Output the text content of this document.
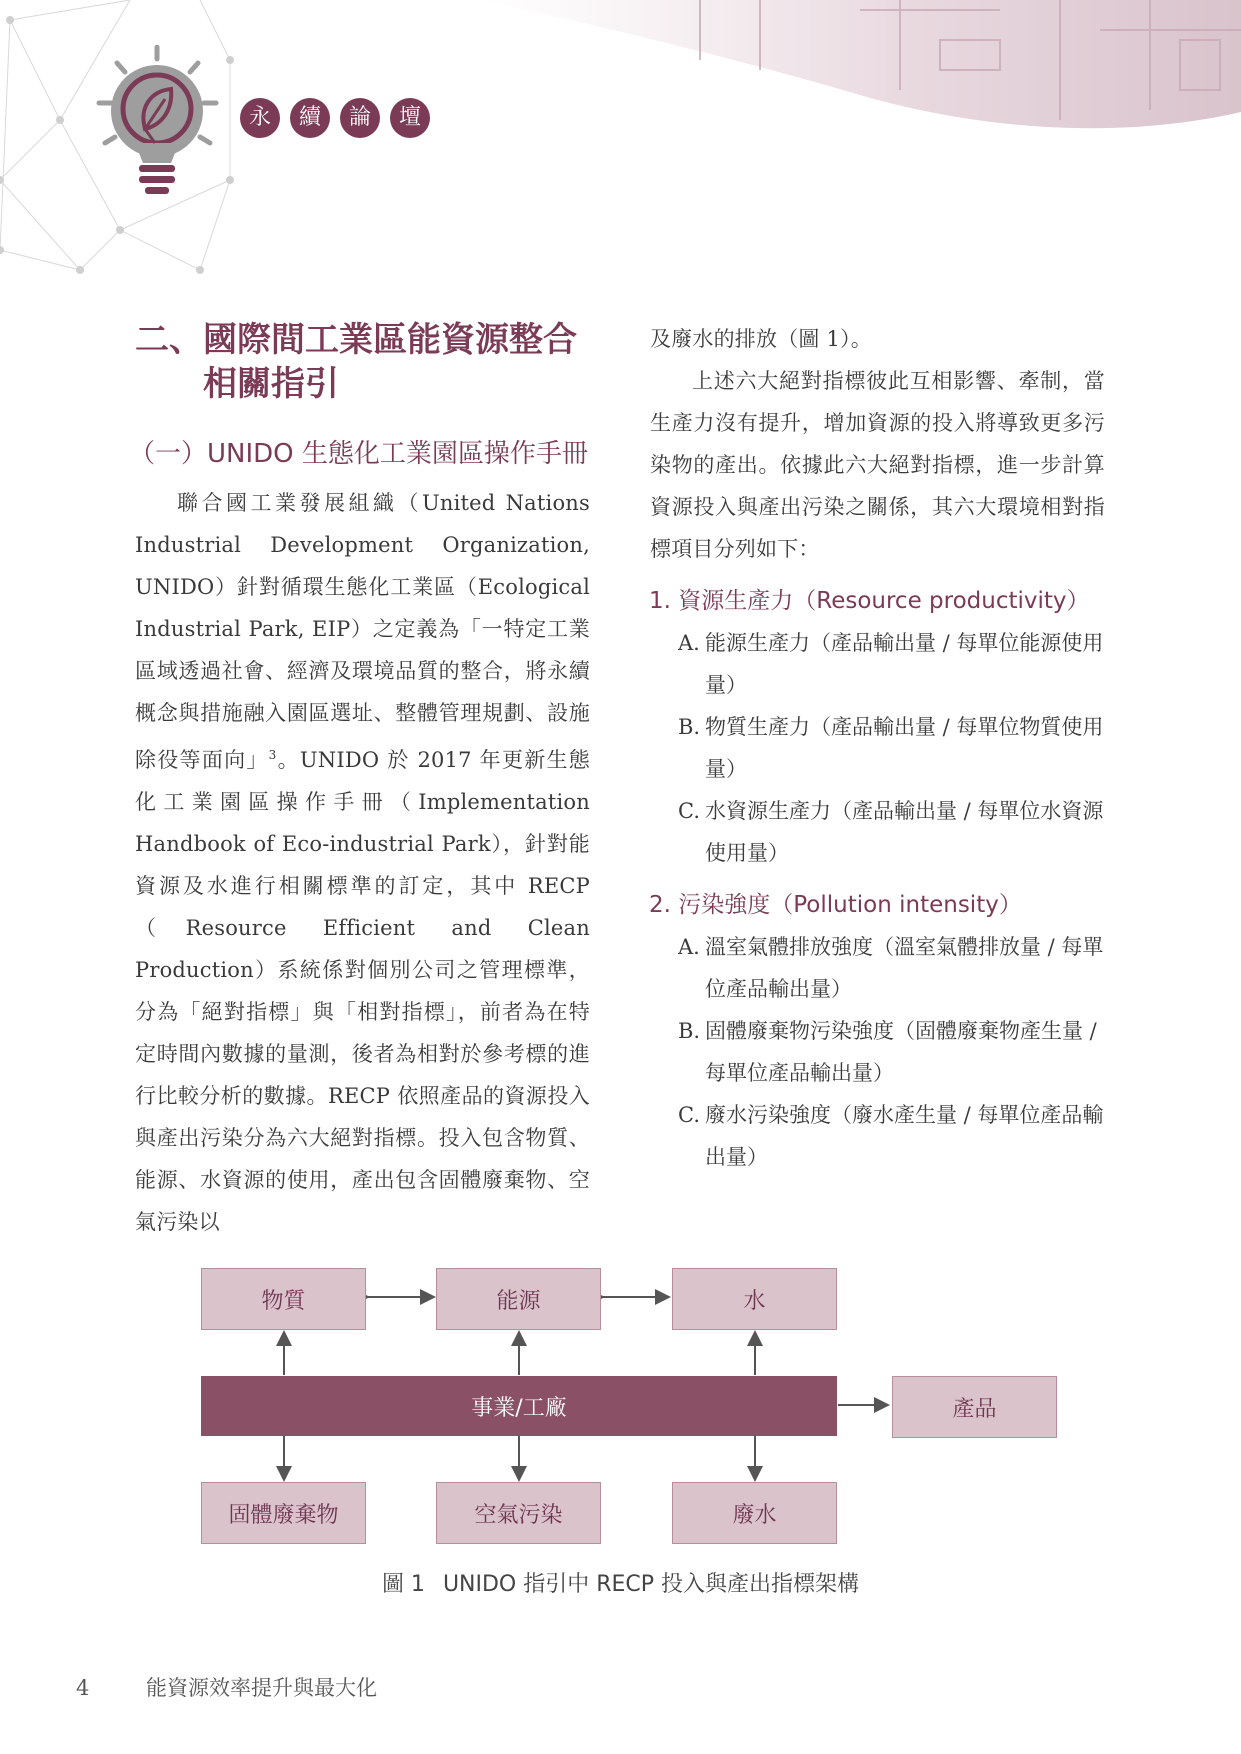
永	續	論	壇
二、國際間工業區能資源整合
相關指引
（一）UNIDO 生態化工業園區操作手冊

聯合國工業發展組織（United Nations Industrial Development Organization, UNIDO）針對循環生態化工業區（Ecological Industrial Park, EIP）之定義為「一特定工業區域透過社會、經濟及環境品質的整合，將永續概念與措施融入園區選址、整體管理規劃、設施除役等面向」$^3$。UNIDO 於 2017 年更新生態化工業園區操作手冊（Implementation Handbook of Eco-industrial Park），針對能資源及水進行相關標準的訂定，其中 RECP（Resource Efficient and Clean Production）系統係對個別公司之管理標準，分為「絕對指標」與「相對指標」，前者為在特定時間內數據的量測，後者為相對於參考標的進行比較分析的數據。RECP 依照產品的資源投入與產出污染分為六大絕對指標。投入包含物質、能源、水資源的使用，產出包含固體廢棄物、空氣污染以

及廢水的排放（圖 1）。

上述六大絕對指標彼此互相影響、牽制，當生產力沒有提升，增加資源的投入將導致更多污染物的產出。依據此六大絕對指標，進一步計算資源投入與產出污染之關係，其六大環境相對指標項目分列如下：

1. 資源生產力（Resource productivity）
A. 能源生產力（產品輸出量 / 每單位能源使用量）
B. 物質生產力（產品輸出量 / 每單位物質使用量）
C. 水資源生產力（產品輸出量 / 每單位水資源使用量）
2. 污染強度（Pollution intensity）
A. 溫室氣體排放強度（溫室氣體排放量 / 每單位產品輸出量）
B. 固體廢棄物污染強度（固體廢棄物產生量 / 每單位產品輸出量）
C. 廢水污染強度（廢水產生量 / 每單位產品輸出量）
物質	能源	水
事業/工廠	產品
固體廢棄物	空氣污染	廢水
圖 1 UNIDO 指引中 RECP 投入與產出指標架構
4	能資源效率提升與最大化
